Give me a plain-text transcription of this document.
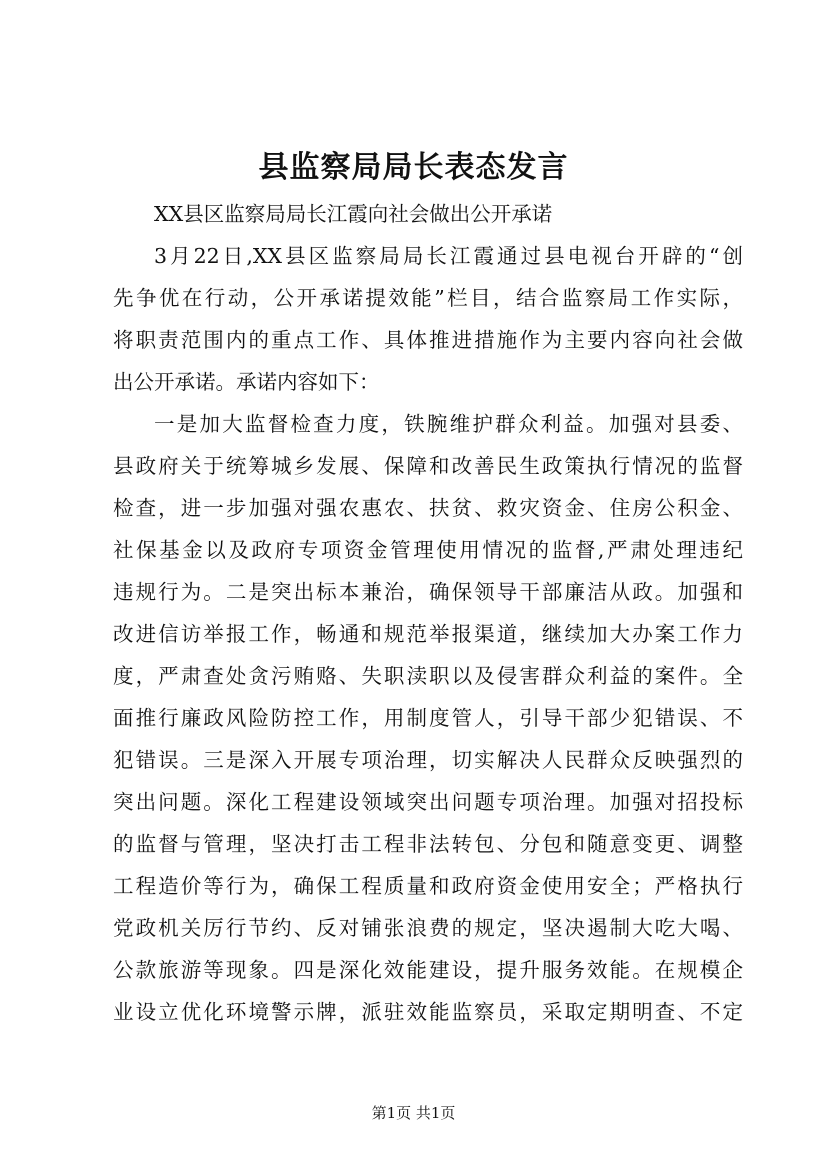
县监察局局长表态发言

XX县区监察局局长江霞向社会做出公开承诺

3月22日,XX县区监察局局长江霞通过县电视台开辟的“创

先争优在行动，公开承诺提效能”栏目，结合监察局工作实际，

将职责范围内的重点工作、具体推进措施作为主要内容向社会做

出公开承诺。承诺内容如下：

一是加大监督检查力度，铁腕维护群众利益。加强对县委、

县政府关于统筹城乡发展、保障和改善民生政策执行情况的监督

检查，进一步加强对强农惠农、扶贫、救灾资金、住房公积金、

社保基金以及政府专项资金管理使用情况的监督,严肃处理违纪

违规行为。二是突出标本兼治，确保领导干部廉洁从政。加强和

改进信访举报工作，畅通和规范举报渠道，继续加大办案工作力

度，严肃查处贪污贿赂、失职渎职以及侵害群众利益的案件。全

面推行廉政风险防控工作，用制度管人，引导干部少犯错误、不

犯错误。三是深入开展专项治理，切实解决人民群众反映强烈的

突出问题。深化工程建设领域突出问题专项治理。加强对招投标

的监督与管理，坚决打击工程非法转包、分包和随意变更、调整

工程造价等行为，确保工程质量和政府资金使用安全；严格执行

党政机关厉行节约、反对铺张浪费的规定，坚决遏制大吃大喝、

公款旅游等现象。四是深化效能建设，提升服务效能。在规模企

业设立优化环境警示牌，派驻效能监察员，采取定期明查、不定

第1页 共1页
